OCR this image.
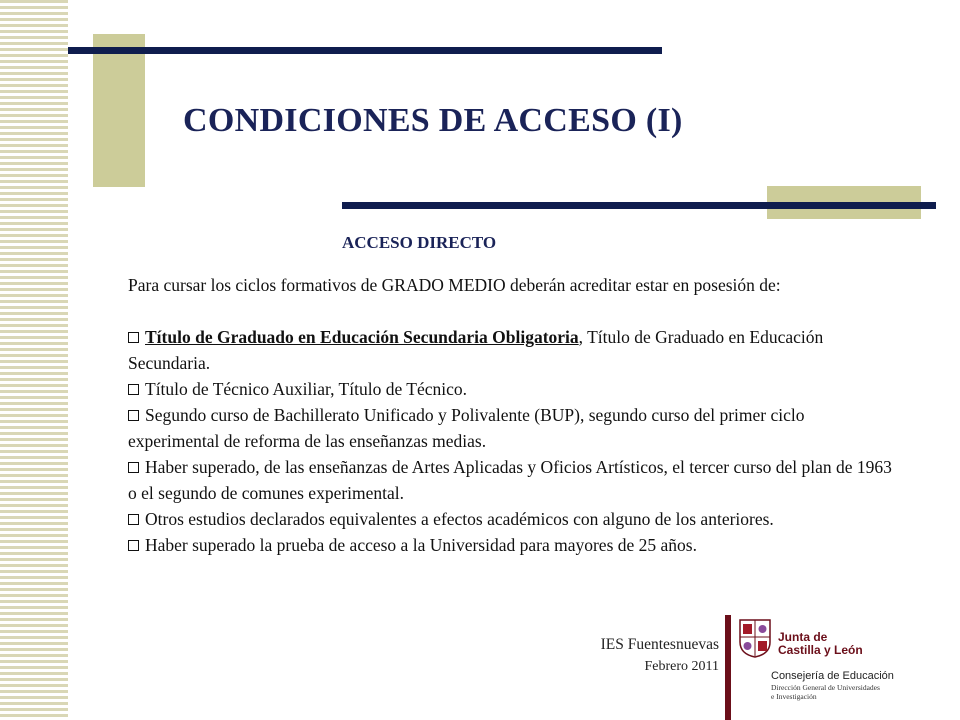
CONDICIONES DE ACCESO (I)
ACCESO DIRECTO

Para cursar los ciclos formativos de GRADO MEDIO deberán acreditar estar en posesión de:

Título de Graduado en Educación Secundaria Obligatoria, Título de Graduado en Educación Secundaria.

Título de Técnico Auxiliar, Título de Técnico.

Segundo curso de Bachillerato Unificado y Polivalente (BUP), segundo curso del primer ciclo experimental de reforma de las enseñanzas medias.

Haber superado, de las enseñanzas de Artes Aplicadas y Oficios Artísticos, el tercer curso del plan de 1963 o el segundo de comunes experimental.

Otros estudios declarados equivalentes a efectos académicos con alguno de los anteriores.

Haber superado la prueba de acceso a la Universidad para mayores de 25 años.

IES Fuentesnuevas
Febrero 2011
Junta de
Castilla y León
Consejería de Educación
Dirección General de Universidades
e Investigación
